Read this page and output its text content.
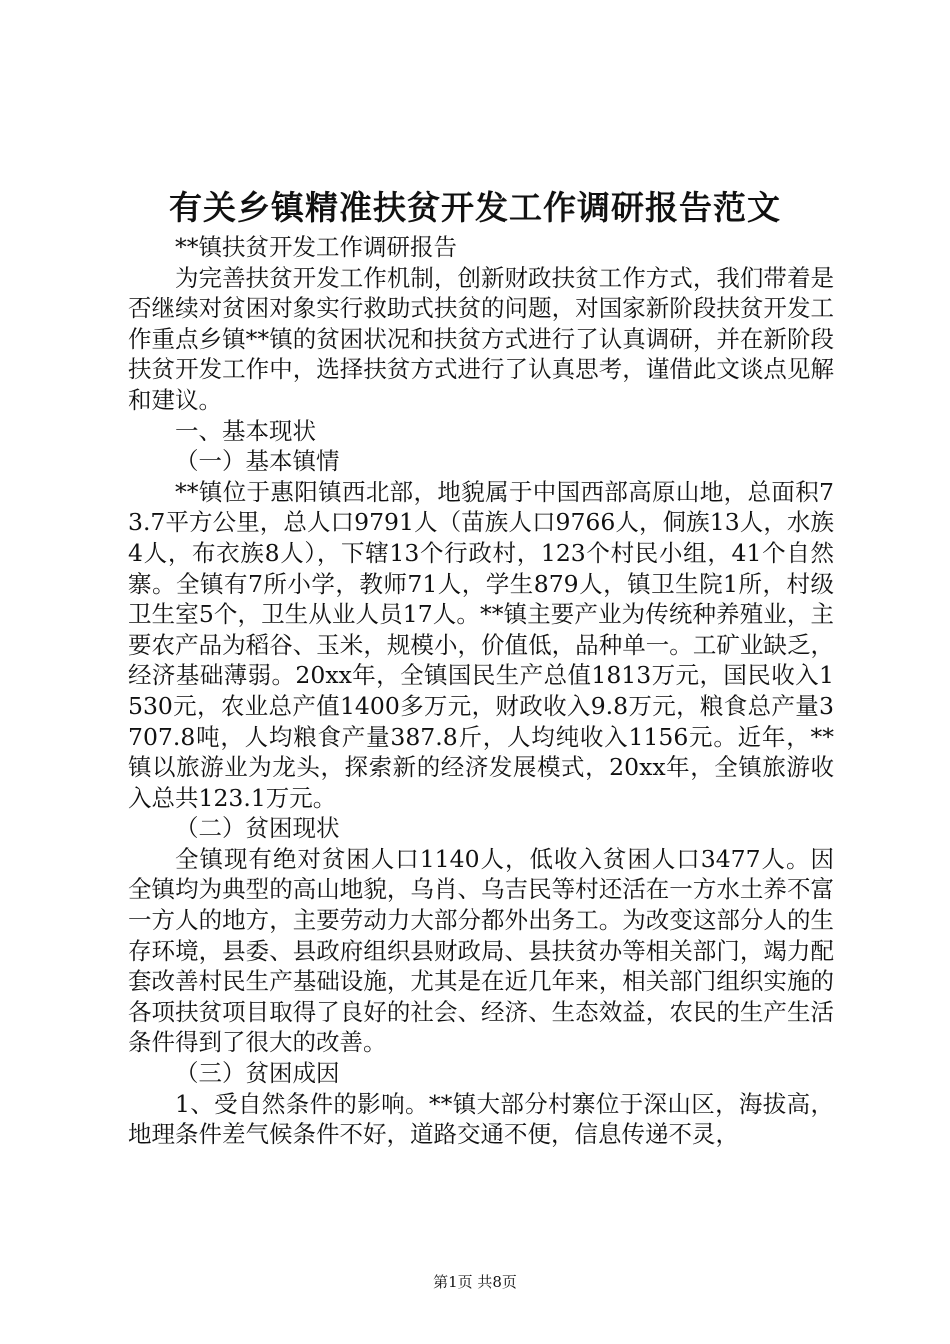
有关乡镇精准扶贫开发工作调研报告范文

**镇扶贫开发工作调研报告

为完善扶贫开发工作机制，创新财政扶贫工作方式，我们带着是否继续对贫困对象实行救助式扶贫的问题，对国家新阶段扶贫开发工作重点乡镇**镇的贫困状况和扶贫方式进行了认真调研，并在新阶段扶贫开发工作中，选择扶贫方式进行了认真思考，谨借此文谈点见解和建议。

一、基本现状

（一）基本镇情

**镇位于惠阳镇西北部，地貌属于中国西部高原山地，总面积73.7平方公里，总人口9791人（苗族人口9766人，侗族13人，水族4人，布衣族8人），下辖13个行政村，123个村民小组，41个自然寨。全镇有7所小学，教师71人，学生879人，镇卫生院1所，村级卫生室5个，卫生从业人员17人。**镇主要产业为传统种养殖业，主要农产品为稻谷、玉米，规模小，价值低，品种单一。工矿业缺乏，经济基础薄弱。20xx年，全镇国民生产总值1813万元，国民收入1530元，农业总产值1400多万元，财政收入9.8万元，粮食总产量3707.8吨，人均粮食产量387.8斤，人均纯收入1156元。近年，**镇以旅游业为龙头，探索新的经济发展模式，20xx年，全镇旅游收入总共123.1万元。

（二）贫困现状

全镇现有绝对贫困人口1140人，低收入贫困人口3477人。因全镇均为典型的高山地貌，乌肖、乌吉民等村还活在一方水土养不富一方人的地方，主要劳动力大部分都外出务工。为改变这部分人的生存环境，县委、县政府组织县财政局、县扶贫办等相关部门，竭力配套改善村民生产基础设施，尤其是在近几年来，相关部门组织实施的各项扶贫项目取得了良好的社会、经济、生态效益，农民的生产生活条件得到了很大的改善。

（三）贫困成因

1、受自然条件的影响。**镇大部分村寨位于深山区，海拔高，地理条件差气候条件不好，道路交通不便，信息传递不灵，

第1页 共8页
